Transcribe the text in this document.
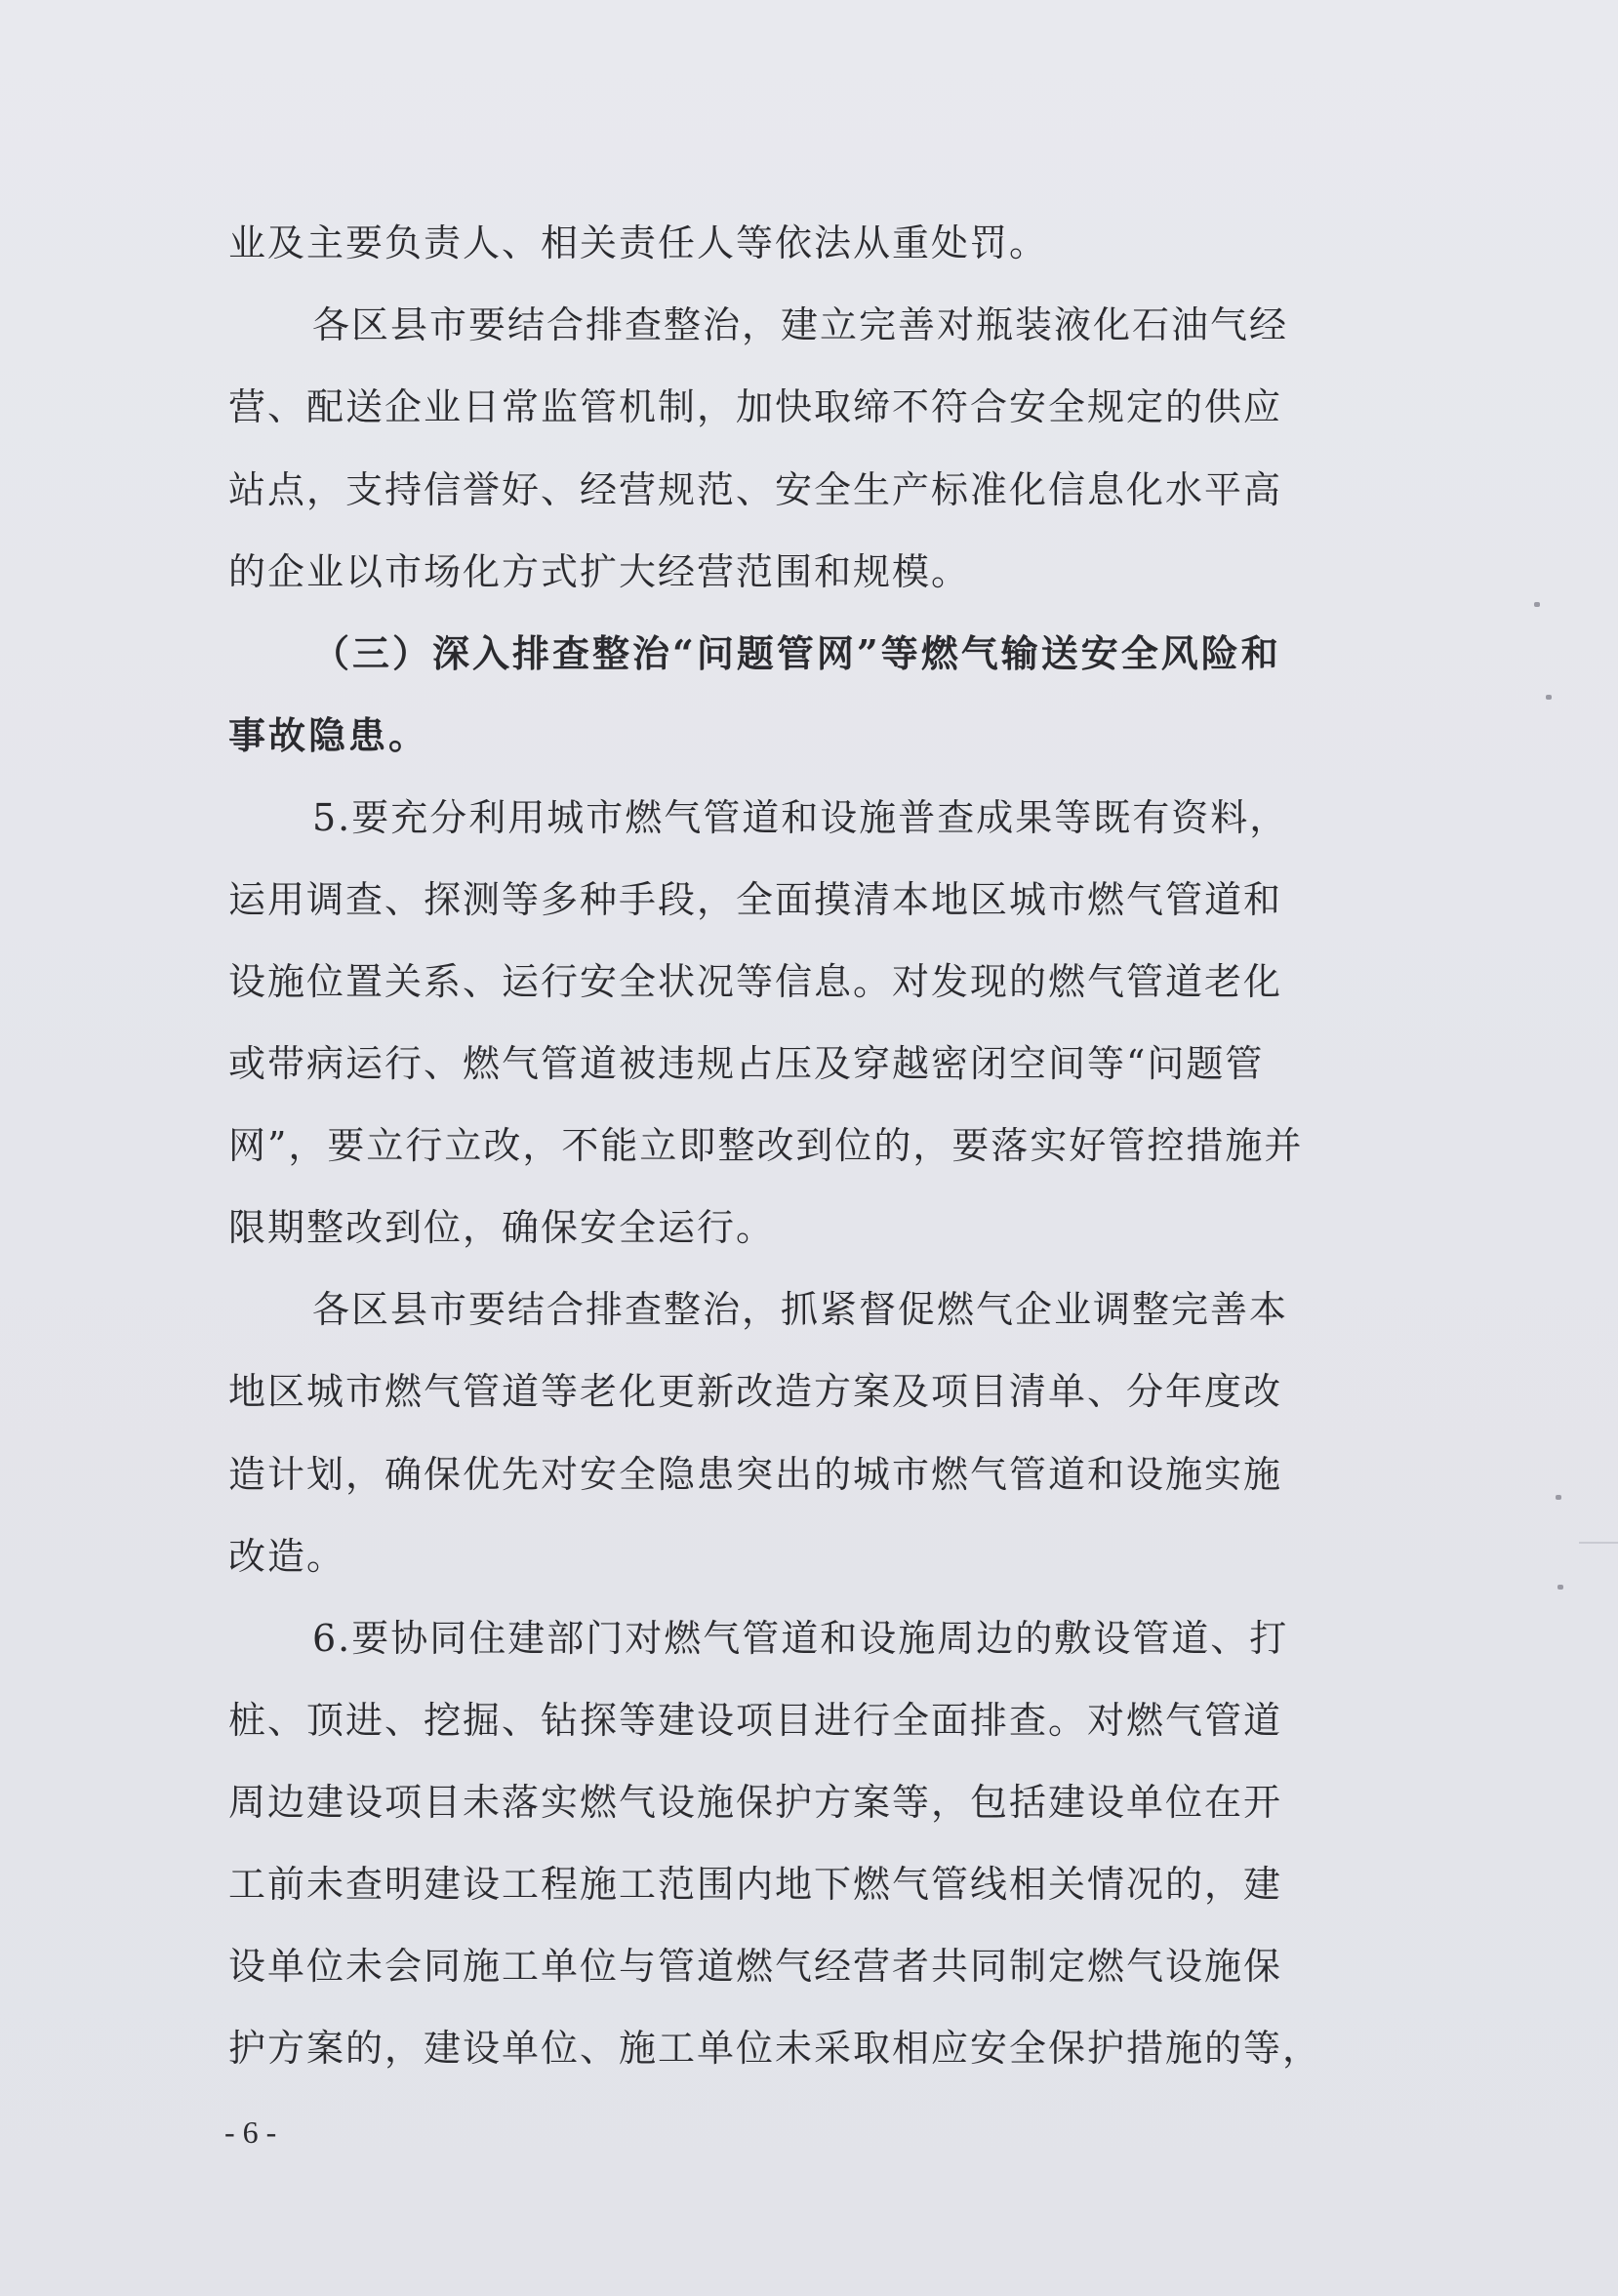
业及主要负责人、相关责任人等依法从重处罚。
各区县市要结合排查整治，建立完善对瓶装液化石油气经
营、配送企业日常监管机制，加快取缔不符合安全规定的供应
站点，支持信誉好、经营规范、安全生产标准化信息化水平高
的企业以市场化方式扩大经营范围和规模。
（三）深入排查整治“问题管网”等燃气输送安全风险和
事故隐患。
5.要充分利用城市燃气管道和设施普查成果等既有资料，
运用调查、探测等多种手段，全面摸清本地区城市燃气管道和
设施位置关系、运行安全状况等信息。对发现的燃气管道老化
或带病运行、燃气管道被违规占压及穿越密闭空间等“问题管
网”，要立行立改，不能立即整改到位的，要落实好管控措施并
限期整改到位，确保安全运行。
各区县市要结合排查整治，抓紧督促燃气企业调整完善本
地区城市燃气管道等老化更新改造方案及项目清单、分年度改
造计划，确保优先对安全隐患突出的城市燃气管道和设施实施
改造。
6.要协同住建部门对燃气管道和设施周边的敷设管道、打
桩、顶进、挖掘、钻探等建设项目进行全面排查。对燃气管道
周边建设项目未落实燃气设施保护方案等，包括建设单位在开
工前未查明建设工程施工范围内地下燃气管线相关情况的，建
设单位未会同施工单位与管道燃气经营者共同制定燃气设施保
护方案的，建设单位、施工单位未采取相应安全保护措施的等，
- 6 -
